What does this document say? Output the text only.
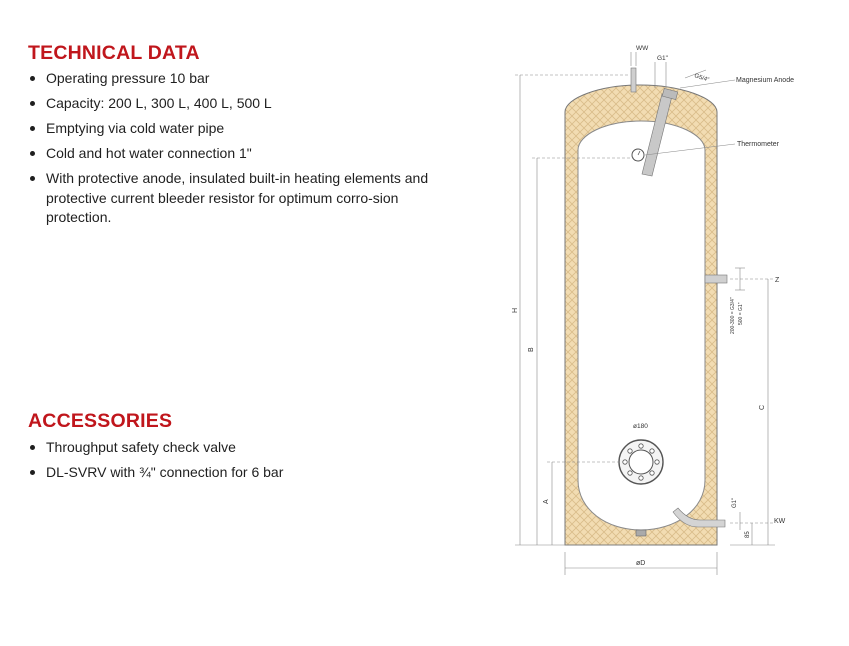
TECHNICAL DATA
Operating pressure 10 bar
Capacity: 200 L, 300 L, 400 L, 500 L
Emptying via cold water pipe
Cold and hot water connection 1"
With protective anode, insulated built-in heating elements and protective current bleeder resistor for optimum corro-sion protection.
ACCESSORIES
Throughput safety check valve
DL-SVRV with ¾" connection for 6 bar
WW
G1"
G5/4"	Magnesium Anode
Thermometer
H
B
Z
200-300 = G3/4" 500 = G1"
C
ø180
A	G1"
KW
85
øD
